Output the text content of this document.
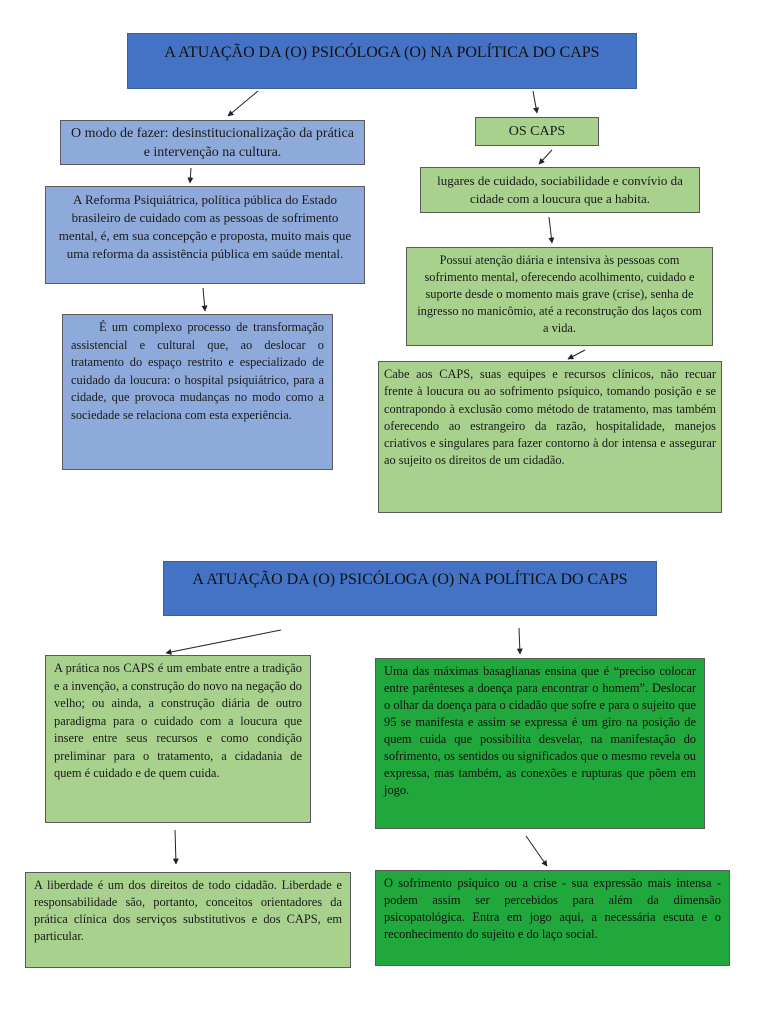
A ATUAÇÃO DA (O) PSICÓLOGA (O) NA POLÍTICA DO CAPS
O modo de fazer: desinstitucionalização da prática e intervenção na cultura.
A Reforma Psiquiátrica, política pública do Estado brasileiro de cuidado com as pessoas de sofrimento mental, é, em sua concepção e proposta, muito mais que uma reforma da assistência pública em saúde mental.
É um complexo processo de transformação assistencial e cultural que, ao deslocar o tratamento do espaço restrito e especializado de cuidado da loucura: o hospital psiquiátrico, para a cidade, que provoca mudanças no modo como a sociedade se relaciona com esta experiência.
OS CAPS
lugares de cuidado, sociabilidade e convívio da cidade com a loucura que a habita.
Possui atenção diária e intensiva às pessoas com sofrimento mental, oferecendo acolhimento, cuidado e suporte desde o momento mais grave (crise), senha de ingresso no manicômio, até a reconstrução dos laços com a vida.
Cabe aos CAPS, suas equipes e recursos clínicos, não recuar frente à loucura ou ao sofrimento psíquico, tomando posição e se contrapondo à exclusão como método de tratamento, mas também oferecendo ao estrangeiro da razão, hospitalidade, manejos criativos e singulares para fazer contorno à dor intensa e assegurar ao sujeito os direitos de um cidadão.
A ATUAÇÃO DA (O) PSICÓLOGA (O) NA POLÍTICA DO CAPS
A prática nos CAPS é um embate entre a tradição e a invenção, a construção do novo na negação do velho; ou ainda, a construção diária de outro paradigma para o cuidado com a loucura que insere entre seus recursos e como condição preliminar para o tratamento, a cidadania de quem é cuidado e de quem cuida.
A liberdade é um dos direitos de todo cidadão. Liberdade e responsabilidade são, portanto, conceitos orientadores da prática clínica dos serviços substitutivos e dos CAPS, em particular.
Uma das máximas basaglianas ensina que é “preciso colocar entre parênteses a doença para encontrar o homem”. Deslocar o olhar da doença para o cidadão que sofre e para o sujeito que 95 se manifesta e assim se expressa é um giro na posição de quem cuida que possibilita desvelar, na manifestação do sofrimento, os sentidos ou significados que o mesmo revela ou expressa, mas também, as conexões e rupturas que põem em jogo.
O sofrimento psíquico ou a crise - sua expressão mais intensa - podem assim ser percebidos para além da dimensão psicopatológica. Entra em jogo aqui, a necessária escuta e o reconhecimento do sujeito e do laço social.
